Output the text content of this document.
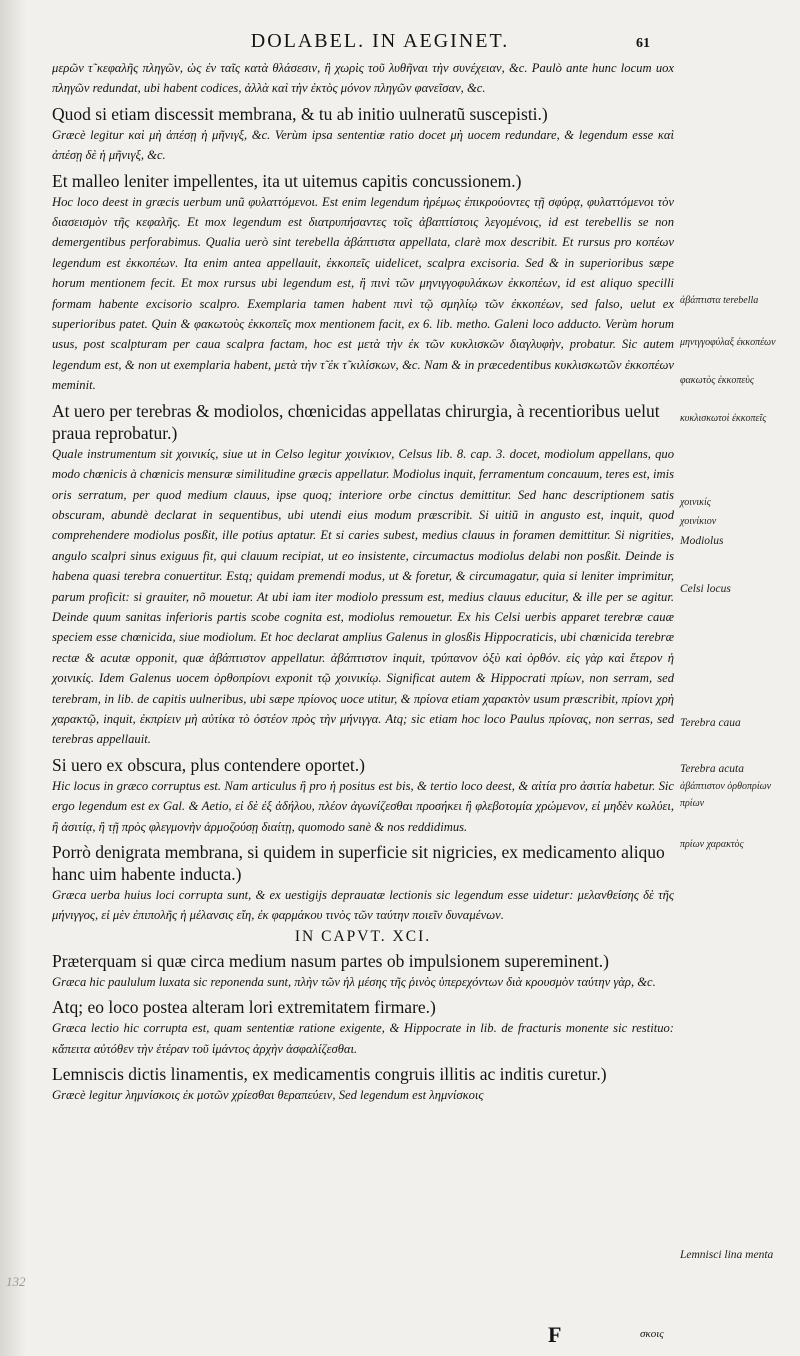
DOLABEL. IN AEGINET.	61

μερῶν τ̃ κεφαλῆς πληγῶν, ὡς ἐν ταῖς κατὰ θλάσεσιν, ἢ χωρὶς τοῦ λυθῆναι τὴν συνέχειαν, &c. Paulò ante hunc locum uox πληγῶν redundat, ubi habent codices, ἀλλὰ καὶ τὴν ἐκτὸς μόνον πληγῶν φανεῖσαν, &c.

Quod si etiam discessit membrana, & tu ab initio uulneratũ suscepisti.)

Græcè legitur καὶ μὴ ἀπέσῃ ἡ μῆνιγξ, &c. Verùm ipsa sententiæ ratio docet μὴ uocem redundare, & legendum esse καὶ ἀπέσῃ δὲ ἡ μῆνιγξ, &c.

Et malleo leniter impellentes, ita ut uitemus capitis concussionem.)

Hoc loco deest in græcis uerbum unũ φυλαττόμενοι. Est enim legendum ἠρέμως ἐπικρούοντες τῇ σφύρᾳ, φυλαττόμενοι τὸν διασεισμὸν τῆς κεφαλῆς. Et mox legendum est διατρυπήσαντες τοῖς ἀβαπτίστοις λεγομένοις, id est terebellis se non demergentibus perforabimus. Qualia uerò sint terebella ἀβάπτιστα appellata, clarè mox describit. Et rursus pro κοπέων legendum est ἐκκοπέων. Ita enim antea appellauit, ἐκκοπεῖς uidelicet, scalpra excisoria. Sed & in superioribus sæpe horum mentionem fecit. Et mox rursus ubi legendum est, ἢ πινὶ τῶν μηνιγγοφυλάκων ἐκκοπέων, id est aliquo specilli formam habente excisorio scalpro. Exemplaria tamen habent πινὶ τῷ σμηλίῳ τῶν ἐκκοπέων, sed falso, uelut ex superioribus patet. Quin & φακωτοὺς ἐκκοπεῖς mox mentionem facit, ex 6. lib. metho. Galeni loco adducto. Verùm horum usus, post scalpturam per caua scalpra factam, hoc est μετὰ τὴν ἐκ τῶν κυκλισκῶν διαγλυφὴν, probatur. Sic autem legendum est, & non ut exemplaria habent, μετὰ τὴν τ̃ ἐκ τ̃ κιλίσκων, &c. Nam & in præcedentibus κυκλισκωτῶν ἐκκοπέων meminit.

At uero per terebras & modiolos, chœnicidas appellatas chirurgia, à recentioribus uelut praua reprobatur.)

Quale instrumentum sit χοινικίς, siue ut in Celso legitur χοινίκιον, Celsus lib. 8. cap. 3. docet, modiolum appellans, quo modo chœnicis à chœnicis mensuræ similitudine græcis appellatur. Modiolus inquit, ferramentum concauum, teres est, imis oris serratum, per quod medium clauus, ipse quoq; interiore orbe cinctus demittitur. Sed hanc descriptionem satis obscuram, abundè declarat in sequentibus, ubi utendi eius modum præscribit. Si uitiũ in angusto est, inquit, quod comprehendere modiolus posßit, ille potius aptatur. Et si caries subest, medius clauus in foramen demittitur. Si nigrities, angulo scalpri sinus exiguus fit, qui clauum recipiat, ut eo insistente, circumactus modiolus delabi non posßit. Deinde is habena quasi terebra conuertitur. Estq; quidam premendi modus, ut & foretur, & circumagatur, quia si leniter imprimitur, parum proficit: si grauiter, nõ mouetur. At ubi iam iter modiolo pressum est, medius clauus educitur, & ille per se agitur. Deinde quum sanitas inferioris partis scobe cognita est, modiolus remouetur. Ex his Celsi uerbis apparet terebræ cauæ speciem esse chœnicida, siue modiolum. Et hoc declarat amplius Galenus in glosßis Hippocraticis, ubi chœnicida terebræ rectæ & acutæ opponit, quæ ἀβάπτιστον appellatur. ἀβάπτιστον inquit, τρύπανον ὀξὺ καὶ ὀρθόν. εἰς γὰρ καὶ ἕτερον ἡ χοινικίς. Idem Galenus uocem ὀρθοπρίονι exponit τῷ χοινικίῳ. Significat autem & Hippocrati πρίων, non serram, sed terebram, in lib. de capitis uulneribus, ubi sæpe πρίονος uoce utitur, & πρίονα etiam χαρακτὸν usum præscribit, πρίονι χρὴ χαρακτῷ, inquit, ἐκπρίειν μὴ αὐτίκα τὸ ὀστέον πρὸς τὴν μήνιγγα. Atq; sic etiam hoc loco Paulus πρίονας, non serras, sed terebras appellauit.

Si uero ex obscura, plus contendere oportet.)

Hic locus in græco corruptus est. Nam articulus ἢ pro ἡ positus est bis, & tertio loco deest, & αἰτία pro ἀσιτία habetur. Sic ergo legendum est ex Gal. & Aetio, εἰ δὲ ἐξ ἀδήλου, πλέον ἀγωνίζεσθαι προσήκει ἢ φλεβοτομία χρώμενον, εἰ μηδὲν κωλύει, ἢ ἀσιτίᾳ, ἢ τῇ πρὸς φλεγμονὴν ἁρμοζούσῃ διαίτῃ, quomodo sanè & nos reddidimus.

Porrò denigrata membrana, si quidem in superficie sit nigricies, ex medicamento aliquo hanc uim habente inducta.)

Græca uerba huius loci corrupta sunt, & ex uestigijs deprauatæ lectionis sic legendum esse uidetur: μελανθείσης δὲ τῆς μήνιγγος, εἰ μὲν ἐπιπολῆς ἡ μέλανσις εἴη, ἐκ φαρμάκου τινὸς τῶν ταύτην ποιεῖν δυναμένων.

IN CAPVT. XCI.

Præterquam si quæ circa medium nasum partes ob impulsionem supereminent.)

Græca hic paululum luxata sic reponenda sunt, πλὴν τῶν ἡλ μέσης τῆς ῥινὸς ὑπερεχόντων διὰ κρουσμὸν ταύτην γὰρ, &c.

Atq; eo loco postea alteram lori extremitatem firmare.)

Græca lectio hic corrupta est, quam sententiæ ratione exigente, & Hippocrate in lib. de fracturis monente sic restituo: κἄπειτα αὐτόθεν τὴν ἑτέραν τοῦ ἱμάντος ἀρχὴν ἀσφαλίζεσθαι.

Lemniscis dictis linamentis, ex medicamentis congruis illitis ac inditis curetur.)

Græcè legitur λημνίσκοις ἐκ μοτῶν χρίεσθαι θεραπεύειν, Sed legendum est λημνίσκοις

ἀβάπτιστα terebella
μηνιγγοφύλαξ ἐκκοπέων
φακωτὸς ἐκκοπεὺς
κυκλισκωτοὶ ἐκκοπεῖς
χοινικίς
χοινίκιον
Modiolus
Celsi locus
Terebra caua
Terebra acuta
ἀβάπτιστον ὀρθοπρίων πρίων
πρίων χαρακτὸς
Lemnisci lina menta
F	σκοις
132
